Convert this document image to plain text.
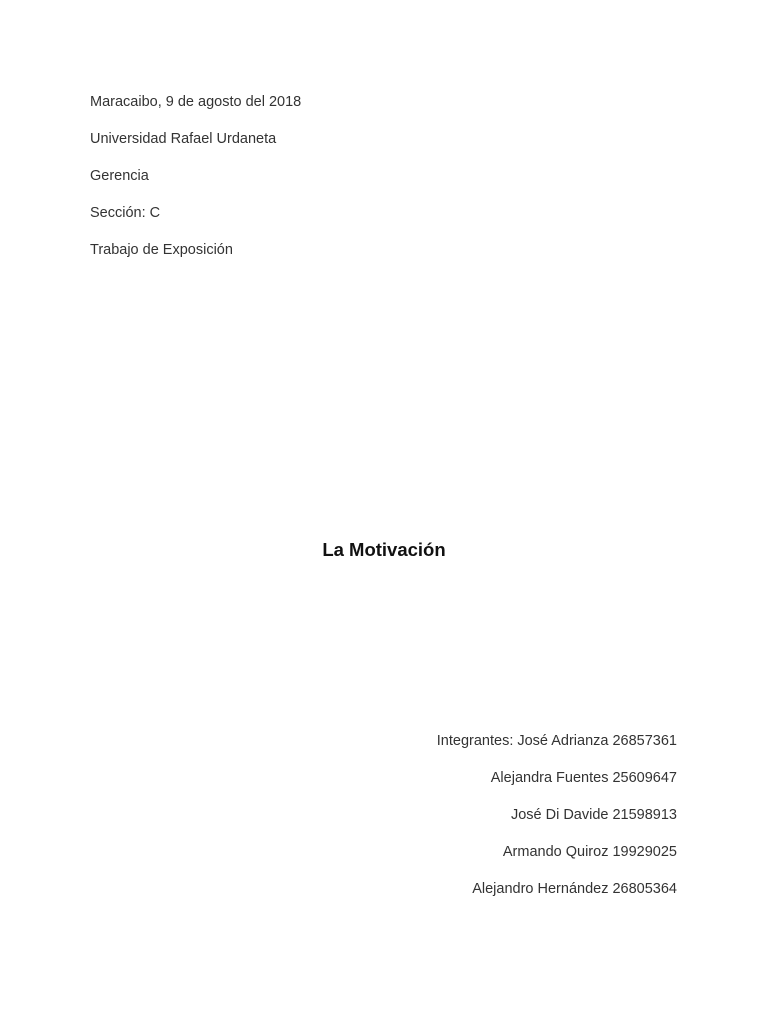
Maracaibo, 9 de agosto del 2018
Universidad Rafael Urdaneta
Gerencia
Sección: C
Trabajo de Exposición
La Motivación
Integrantes: José Adrianza 26857361
Alejandra Fuentes 25609647
José Di Davide 21598913
Armando Quiroz 19929025
Alejandro Hernández 26805364
